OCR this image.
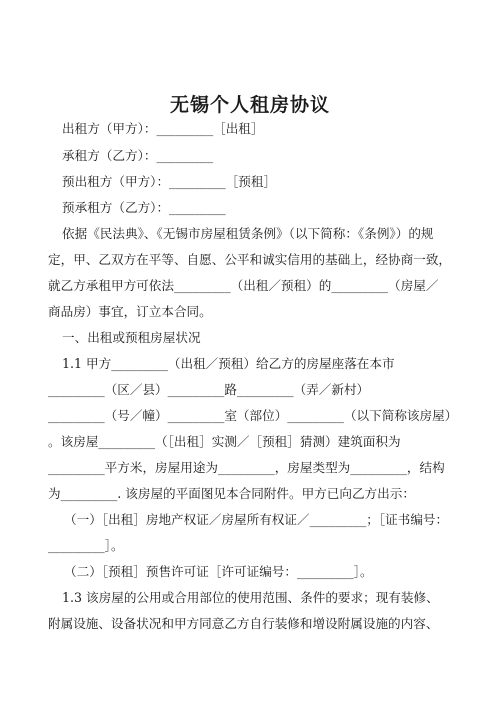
无锡个人租房协议
出租方（甲方）：_________［出租］
承租方（乙方）：_________
预出租方（甲方）：_________［预租］
预承租方（乙方）：_________
依据《民法典》、《无锡市房屋租赁条例》（以下简称：《条例》）的规
定，甲、乙双方在平等、自愿、公平和诚实信用的基础上，经协商一致，
就乙方承租甲方可依法_________（出租／预租）的_________（房屋／
商品房）事宜，订立本合同。
一、出租或预租房屋状况
1.1 甲方_________（出租／预租）给乙方的房屋座落在本市
_________（区／县）_________路_________（弄／新村）
_________（号／幢）_________室（部位）_________（以下简称该房屋）
。该房屋_________（［出租］实测／［预租］猜测）建筑面积为
_________平方米，房屋用途为_________，房屋类型为_________，结构
为_________. 该房屋的平面图见本合同附件。甲方已向乙方出示：
（一）［出租］房地产权证／房屋所有权证／_________；［证书编号：
_________］。
（二）［预租］预售许可证［许可证编号：_________］。
1.3 该房屋的公用或合用部位的使用范围、条件的要求；现有装修、
附属设施、设备状况和甲方同意乙方自行装修和增设附属设施的内容、
